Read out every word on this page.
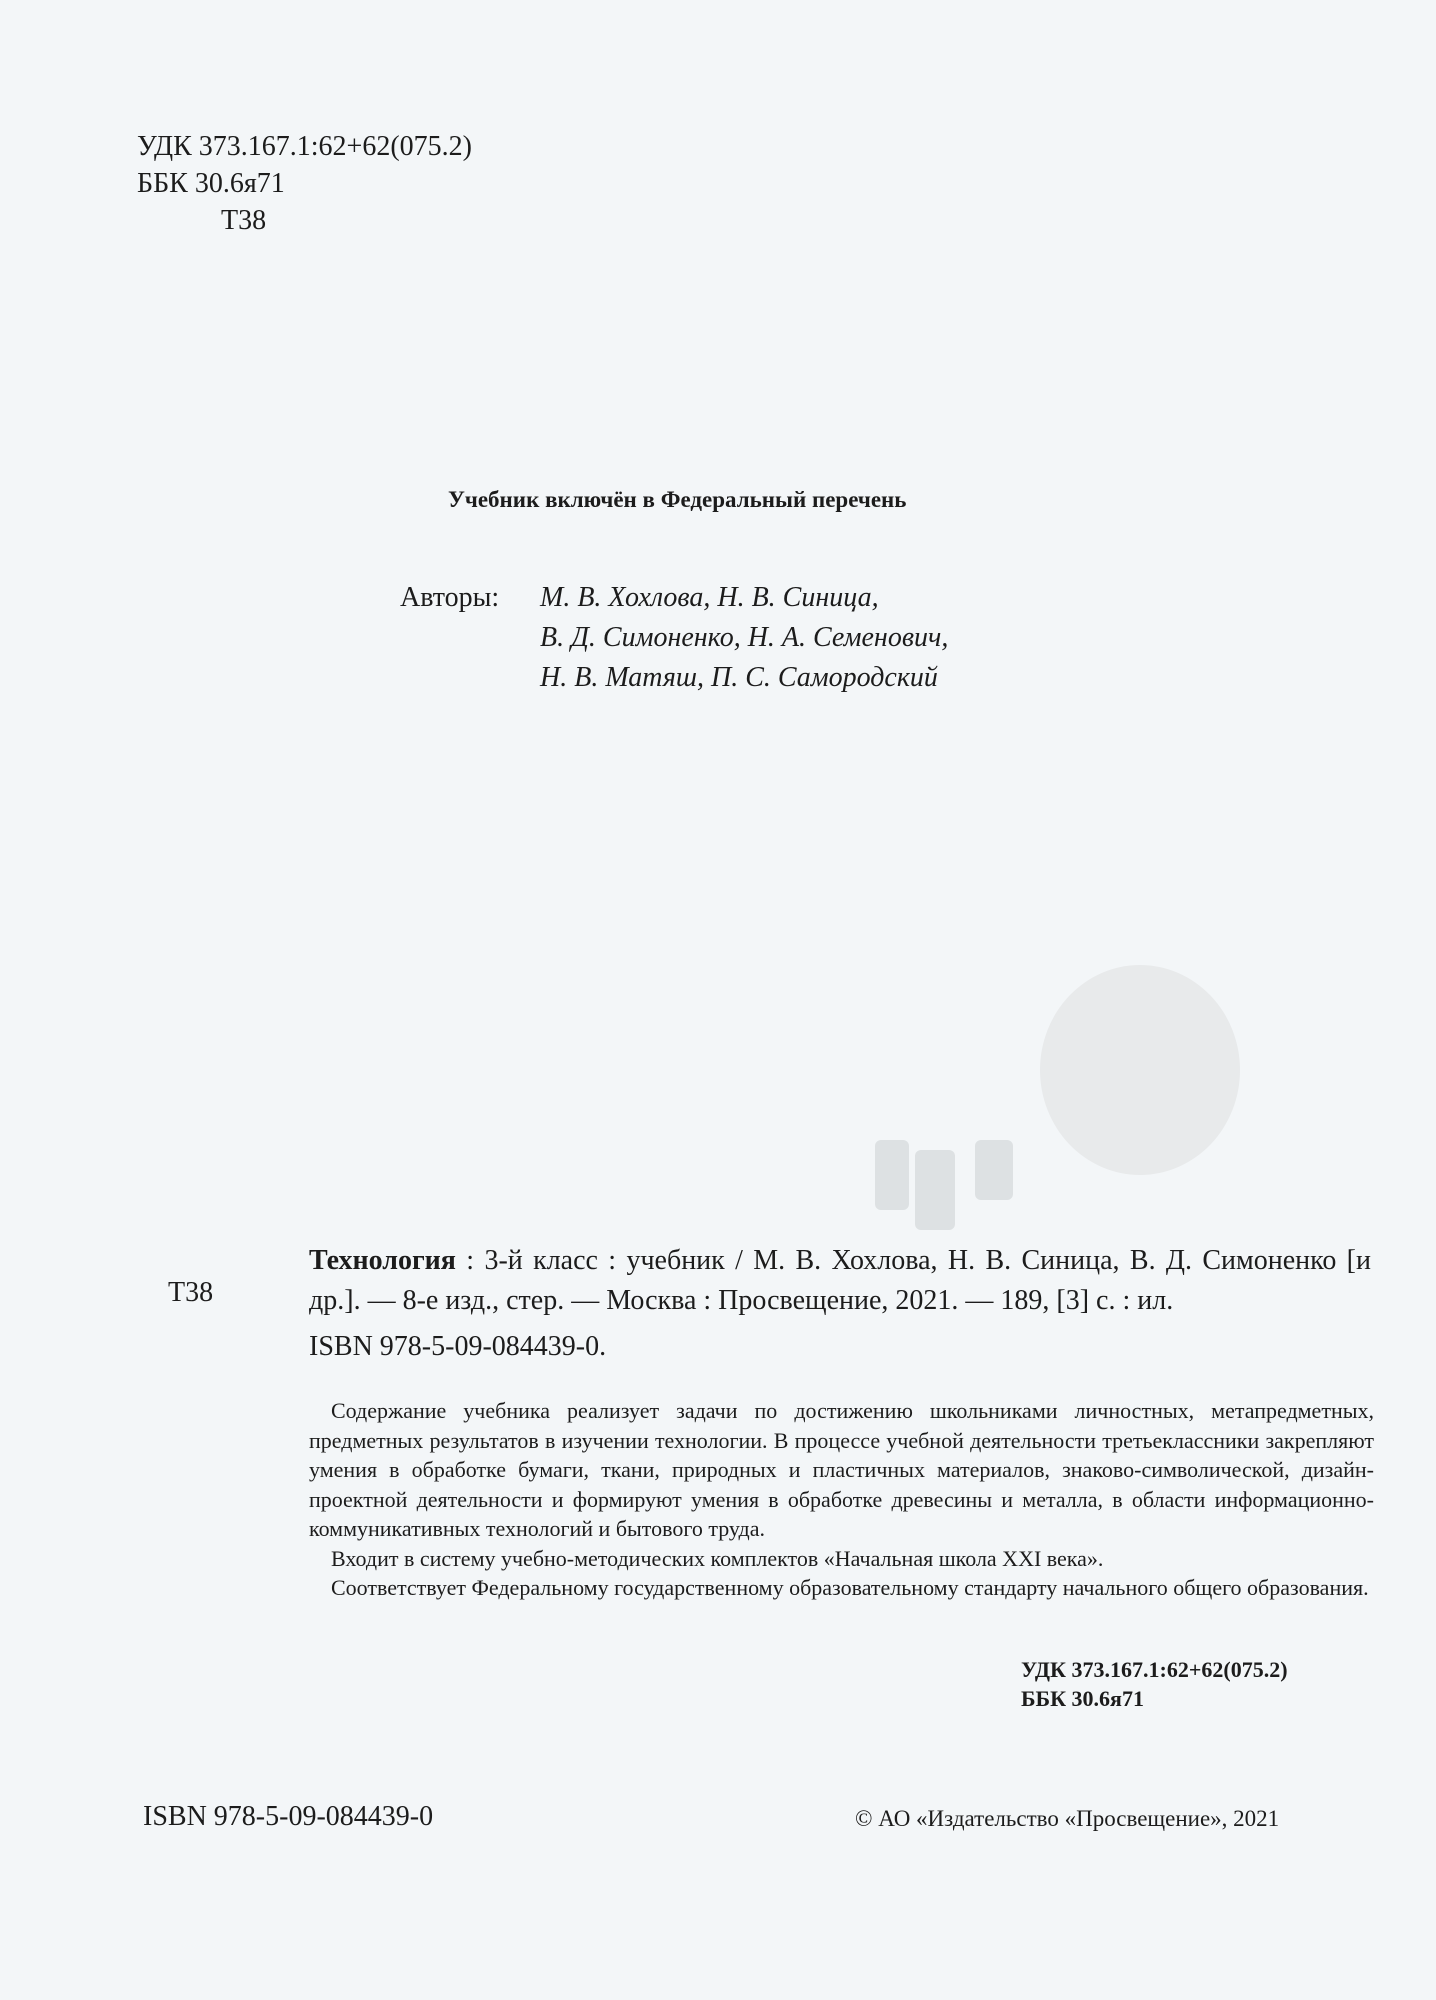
УДК 373.167.1:62+62(075.2)
ББК 30.6я71
Т38
Учебник включён в Федеральный перечень
Авторы: М. В. Хохлова, Н. В. Синица,
В. Д. Симоненко, Н. А. Семенович,
Н. В. Матяш, П. С. Самородский
Т38
Технология : 3-й класс : учебник / М. В. Хохлова, Н. В. Синица, В. Д. Симоненко [и др.]. — 8-е изд., стер. — Москва : Просвещение, 2021. — 189, [3] с. : ил.
ISBN 978-5-09-084439-0.

Содержание учебника реализует задачи по достижению школьниками личностных, метапредметных, предметных результатов в изучении технологии. В процессе учебной деятельности третьеклассники закрепляют умения в обработке бумаги, ткани, природных и пластичных материалов, знаково-символической, дизайн-проектной деятельности и формируют умения в обработке древесины и металла, в области информационно-коммуникативных технологий и бытового труда.

Входит в систему учебно-методических комплектов «Начальная школа XXI века».

Соответствует Федеральному государственному образовательному стандарту начального общего образования.

УДК 373.167.1:62+62(075.2)
ББК 30.6я71
ISBN 978-5-09-084439-0	© АО «Издательство «Просвещение», 2021
